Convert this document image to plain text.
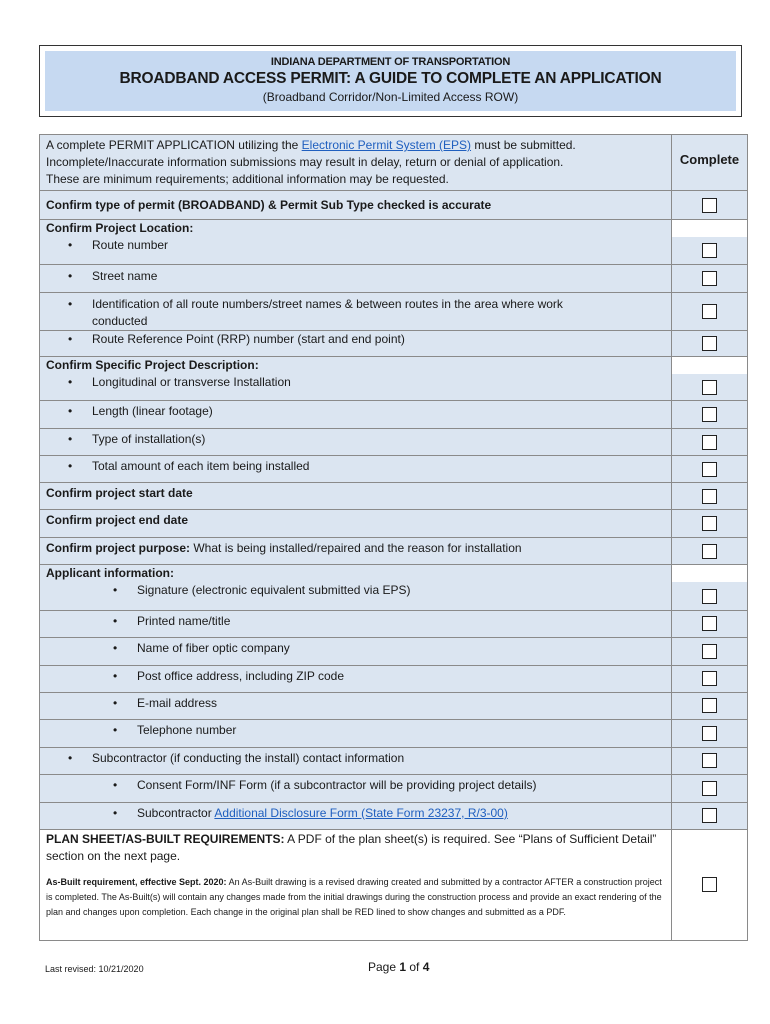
INDIANA DEPARTMENT OF TRANSPORTATION
BROADBAND ACCESS PERMIT: A GUIDE TO COMPLETE AN APPLICATION
(Broadband Corridor/Non-Limited Access ROW)
A complete PERMIT APPLICATION utilizing the Electronic Permit System (EPS) must be submitted.
Incomplete/Inaccurate information submissions may result in delay, return or denial of application.
These are minimum requirements; additional information may be requested.	Complete
Confirm type of permit (BROADBAND) & Permit Sub Type checked is accurate	
Confirm Project Location:	

• Route number

• Street name

• Identification of all route numbers/street names & between routes in the area where work
conducted

• Route Reference Point (RRP) number (start and end point)

Confirm Specific Project Description:	

• Longitudinal or transverse Installation

• Length (linear footage)

• Type of installation(s)

• Total amount of each item being installed

Confirm project start date	
Confirm project end date	
Confirm project purpose: What is being installed/repaired and the reason for installation	
Applicant information:	

• Signature (electronic equivalent submitted via EPS)

• Printed name/title

• Name of fiber optic company

• Post office address, including ZIP code

• E-mail address

• Telephone number

• Subcontractor (if conducting the install) contact information

• Consent Form/INF Form (if a subcontractor will be providing project details)

• Subcontractor Additional Disclosure Form (State Form 23237, R/3-00)

PLAN SHEET/AS-BUILT REQUIREMENTS: A PDF of the plan sheet(s) is required. See “Plans of Sufficient Detail”
section on the next page.
As-Built requirement, effective Sept. 2020: An As-Built drawing is a revised drawing created and submitted by a contractor AFTER a construction project is completed. The As-Built(s) will contain any changes made from the initial drawings during the construction process and provide an exact rendering of the plan and changes upon completion. Each change in the original plan shall be RED lined to show changes and submitted as a PDF.	

Last revised: 10/21/2020	Page 1 of 4
